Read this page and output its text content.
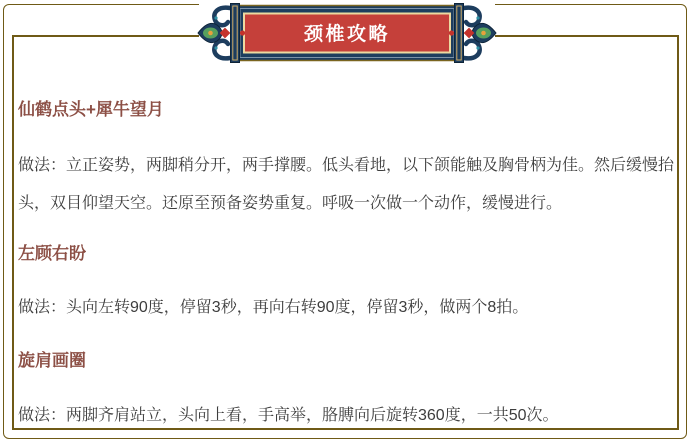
仙鹤点头+犀牛望月

做法：立正姿势，两脚稍分开，两手撑腰。低头看地，以下颌能触及胸骨柄为佳。然后缓慢抬头，双目仰望天空。还原至预备姿势重复。呼吸一次做一个动作，缓慢进行。

左顾右盼

做法：头向左转90度，停留3秒，再向右转90度，停留3秒，做两个8拍。

旋肩画圈

做法：两脚齐肩站立，头向上看，手高举，胳膊向后旋转360度，一共50次。

颈椎攻略
